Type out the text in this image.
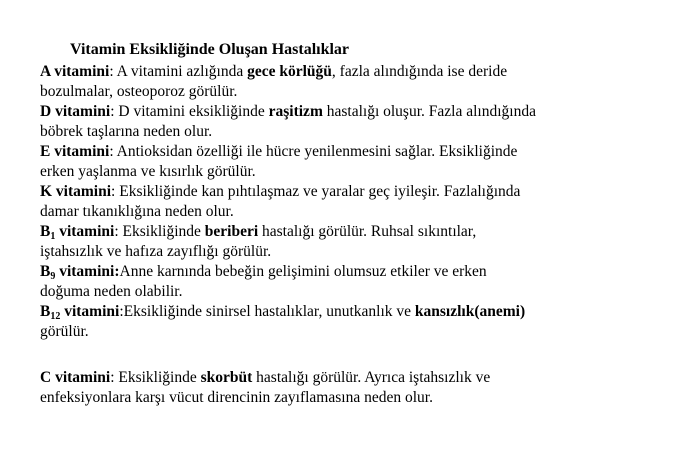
Vitamin Eksikliğinde Oluşan Hastalıklar

A vitamini: A vitamini azlığında gece körlüğü, fazla alındığında ise deride
bozulmalar, osteoporoz görülür.

D vitamini: D vitamini eksikliğinde raşitizm hastalığı oluşur. Fazla alındığında
böbrek taşlarına neden olur.

E vitamini: Antioksidan özelliği ile hücre yenilenmesini sağlar. Eksikliğinde
erken yaşlanma ve kısırlık görülür.

K vitamini: Eksikliğinde kan pıhtılaşmaz ve yaralar geç iyileşir. Fazlalığında
damar tıkanıklığına neden olur.

$B_1$ vitamini: Eksikliğinde beriberi hastalığı görülür. Ruhsal sıkıntılar,
iştahsızlık ve hafıza zayıflığı görülür.

$B_9$ vitamini:Anne karnında bebeğin gelişimini olumsuz etkiler ve erken
doğuma neden olabilir.

$B_{12}$ vitamini:Eksikliğinde sinirsel hastalıklar, unutkanlık ve kansızlık(anemi)
görülür.

C vitamini: Eksikliğinde skorbüt hastalığı görülür. Ayrıca iştahsızlık ve
enfeksiyonlara karşı vücut direncinin zayıflamasına neden olur.
